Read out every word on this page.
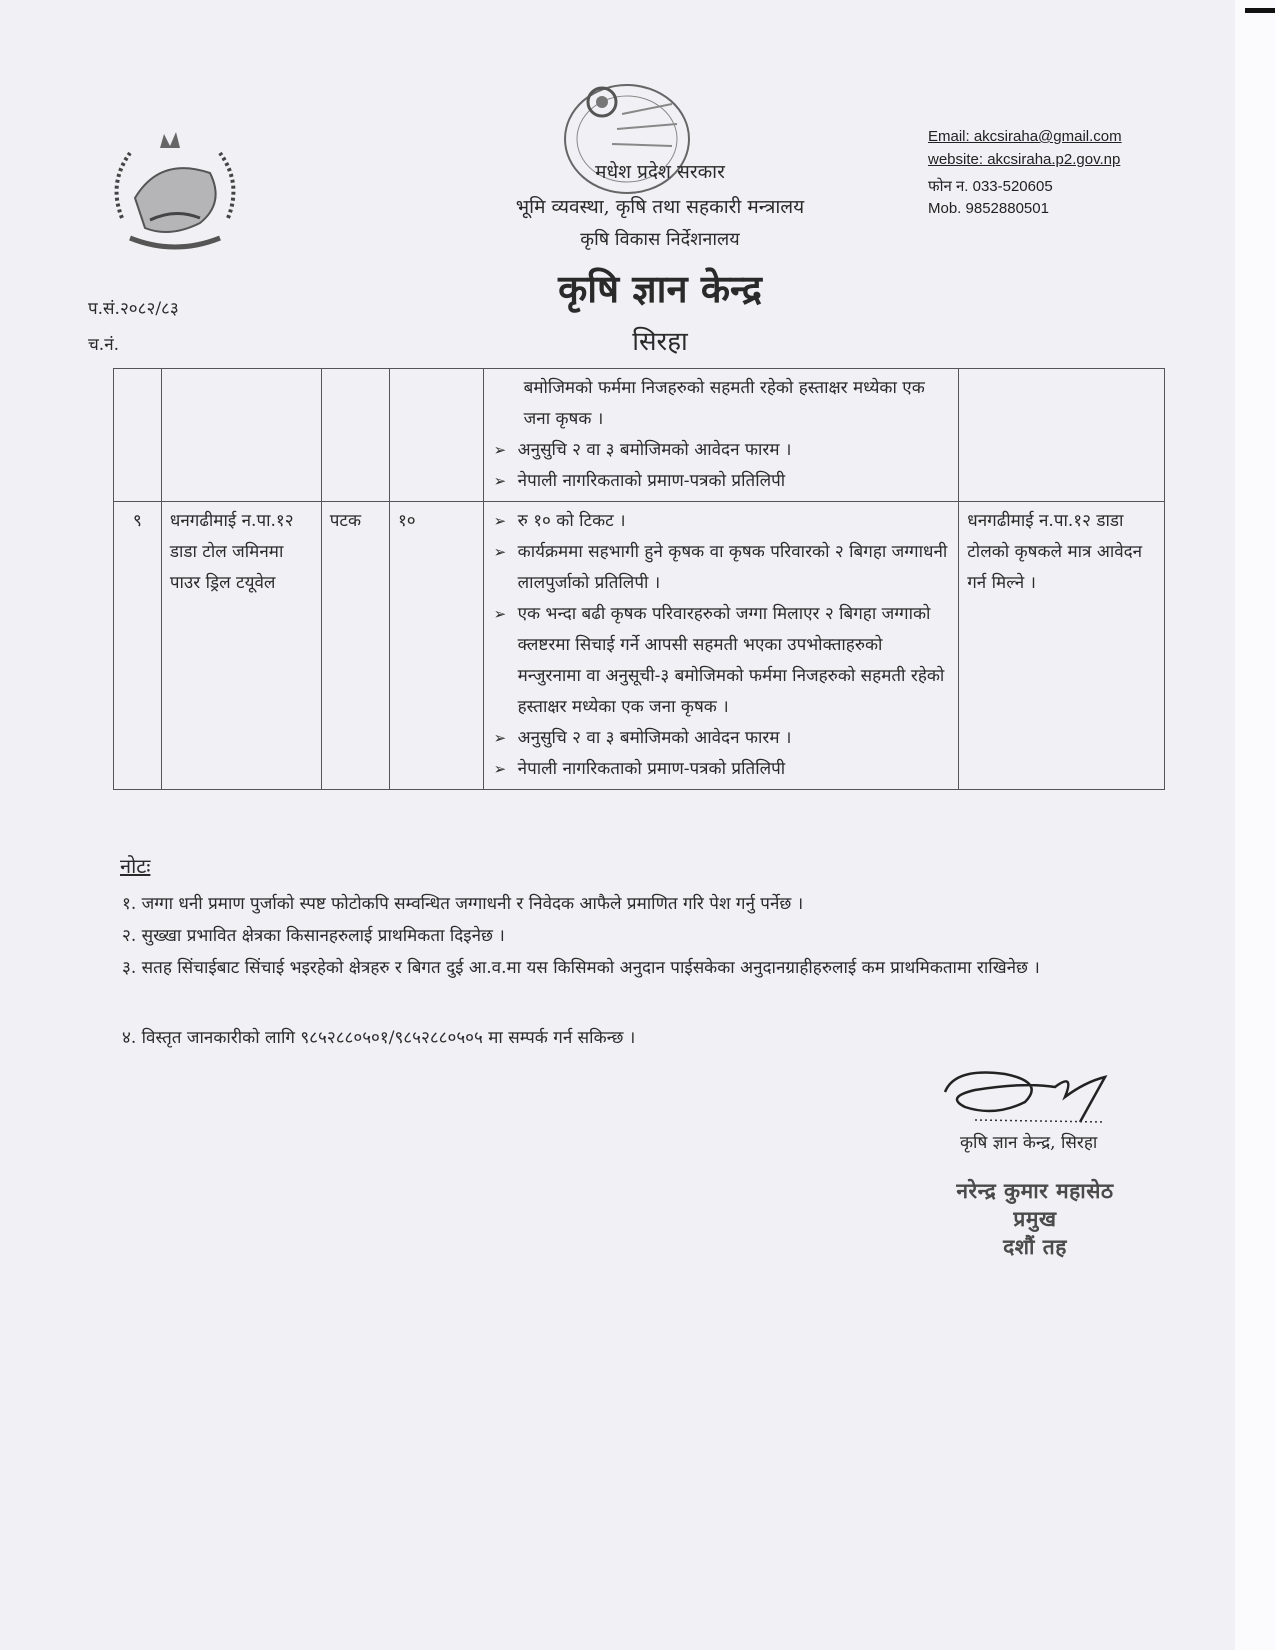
मधेश प्रदेश सरकार
भूमि व्यवस्था, कृषि तथा सहकारी मन्त्रालय
कृषि विकास निर्देशनालय
कृषि ज्ञान केन्द्र
सिरहा
Email: akcsiraha@gmail.com
website: akcsiraha.p2.gov.np
फोन न. 033-520605
Mob. 9852880501
प.सं.२०८२/८३
च.नं.

				बमोजिमको फर्ममा निजहरुको सहमती रहेको हस्ताक्षर मध्येका एक जना कृषक ।
➢ अनुसुचि २ वा ३ बमोजिमको आवेदन फारम ।
➢ नेपाली नागरिकताको प्रमाण-पत्रको प्रतिलिपी

९	धनगढीमाई न.पा.१२ डाडा टोल जमिनमा पाउर ड्रिल टयूवेल	पटक	१०	➢ रु १० को टिकट ।
➢ कार्यक्रममा सहभागी हुने कृषक वा कृषक परिवारको २ बिगहा जग्गाधनी लालपुर्जाको प्रतिलिपी ।
➢ एक भन्दा बढी कृषक परिवारहरुको जग्गा मिलाएर २ बिगहा जग्गाको क्लष्टरमा सिचाई गर्ने आपसी सहमती भएका उपभोक्ताहरुको मन्जुरनामा वा अनुसूची-३ बमोजिमको फर्ममा निजहरुको सहमती रहेको हस्ताक्षर मध्येका एक जना कृषक ।
➢ अनुसुचि २ वा ३ बमोजिमको आवेदन फारम ।
➢ नेपाली नागरिकताको प्रमाण-पत्रको प्रतिलिपी	धनगढीमाई न.पा.१२ डाडा टोलको कृषकले मात्र आवेदन गर्न मिल्ने ।
नोटः
१. जग्गा धनी प्रमाण पुर्जाको स्पष्ट फोटोकपि सम्वन्धित जग्गाधनी र निवेदक आफैले प्रमाणित गरि पेश गर्नु पर्नेछ ।
२. सुख्खा प्रभावित क्षेत्रका किसानहरुलाई प्राथमिकता दिइनेछ ।
३. सतह सिंचाईबाट सिंचाई भइरहेको क्षेत्रहरु र बिगत दुई आ.व.मा यस किसिमको अनुदान पाईसकेका अनुदानग्राहीहरुलाई कम प्राथमिकतामा राखिनेछ ।
४. विस्तृत जानकारीको लागि ९८५२८८०५०१/९८५२८८०५०५ मा सम्पर्क गर्न सकिन्छ ।
कृषि ज्ञान केन्द्र, सिरहा
नरेन्द्र कुमार महासेठ
प्रमुख
दशौं तह
